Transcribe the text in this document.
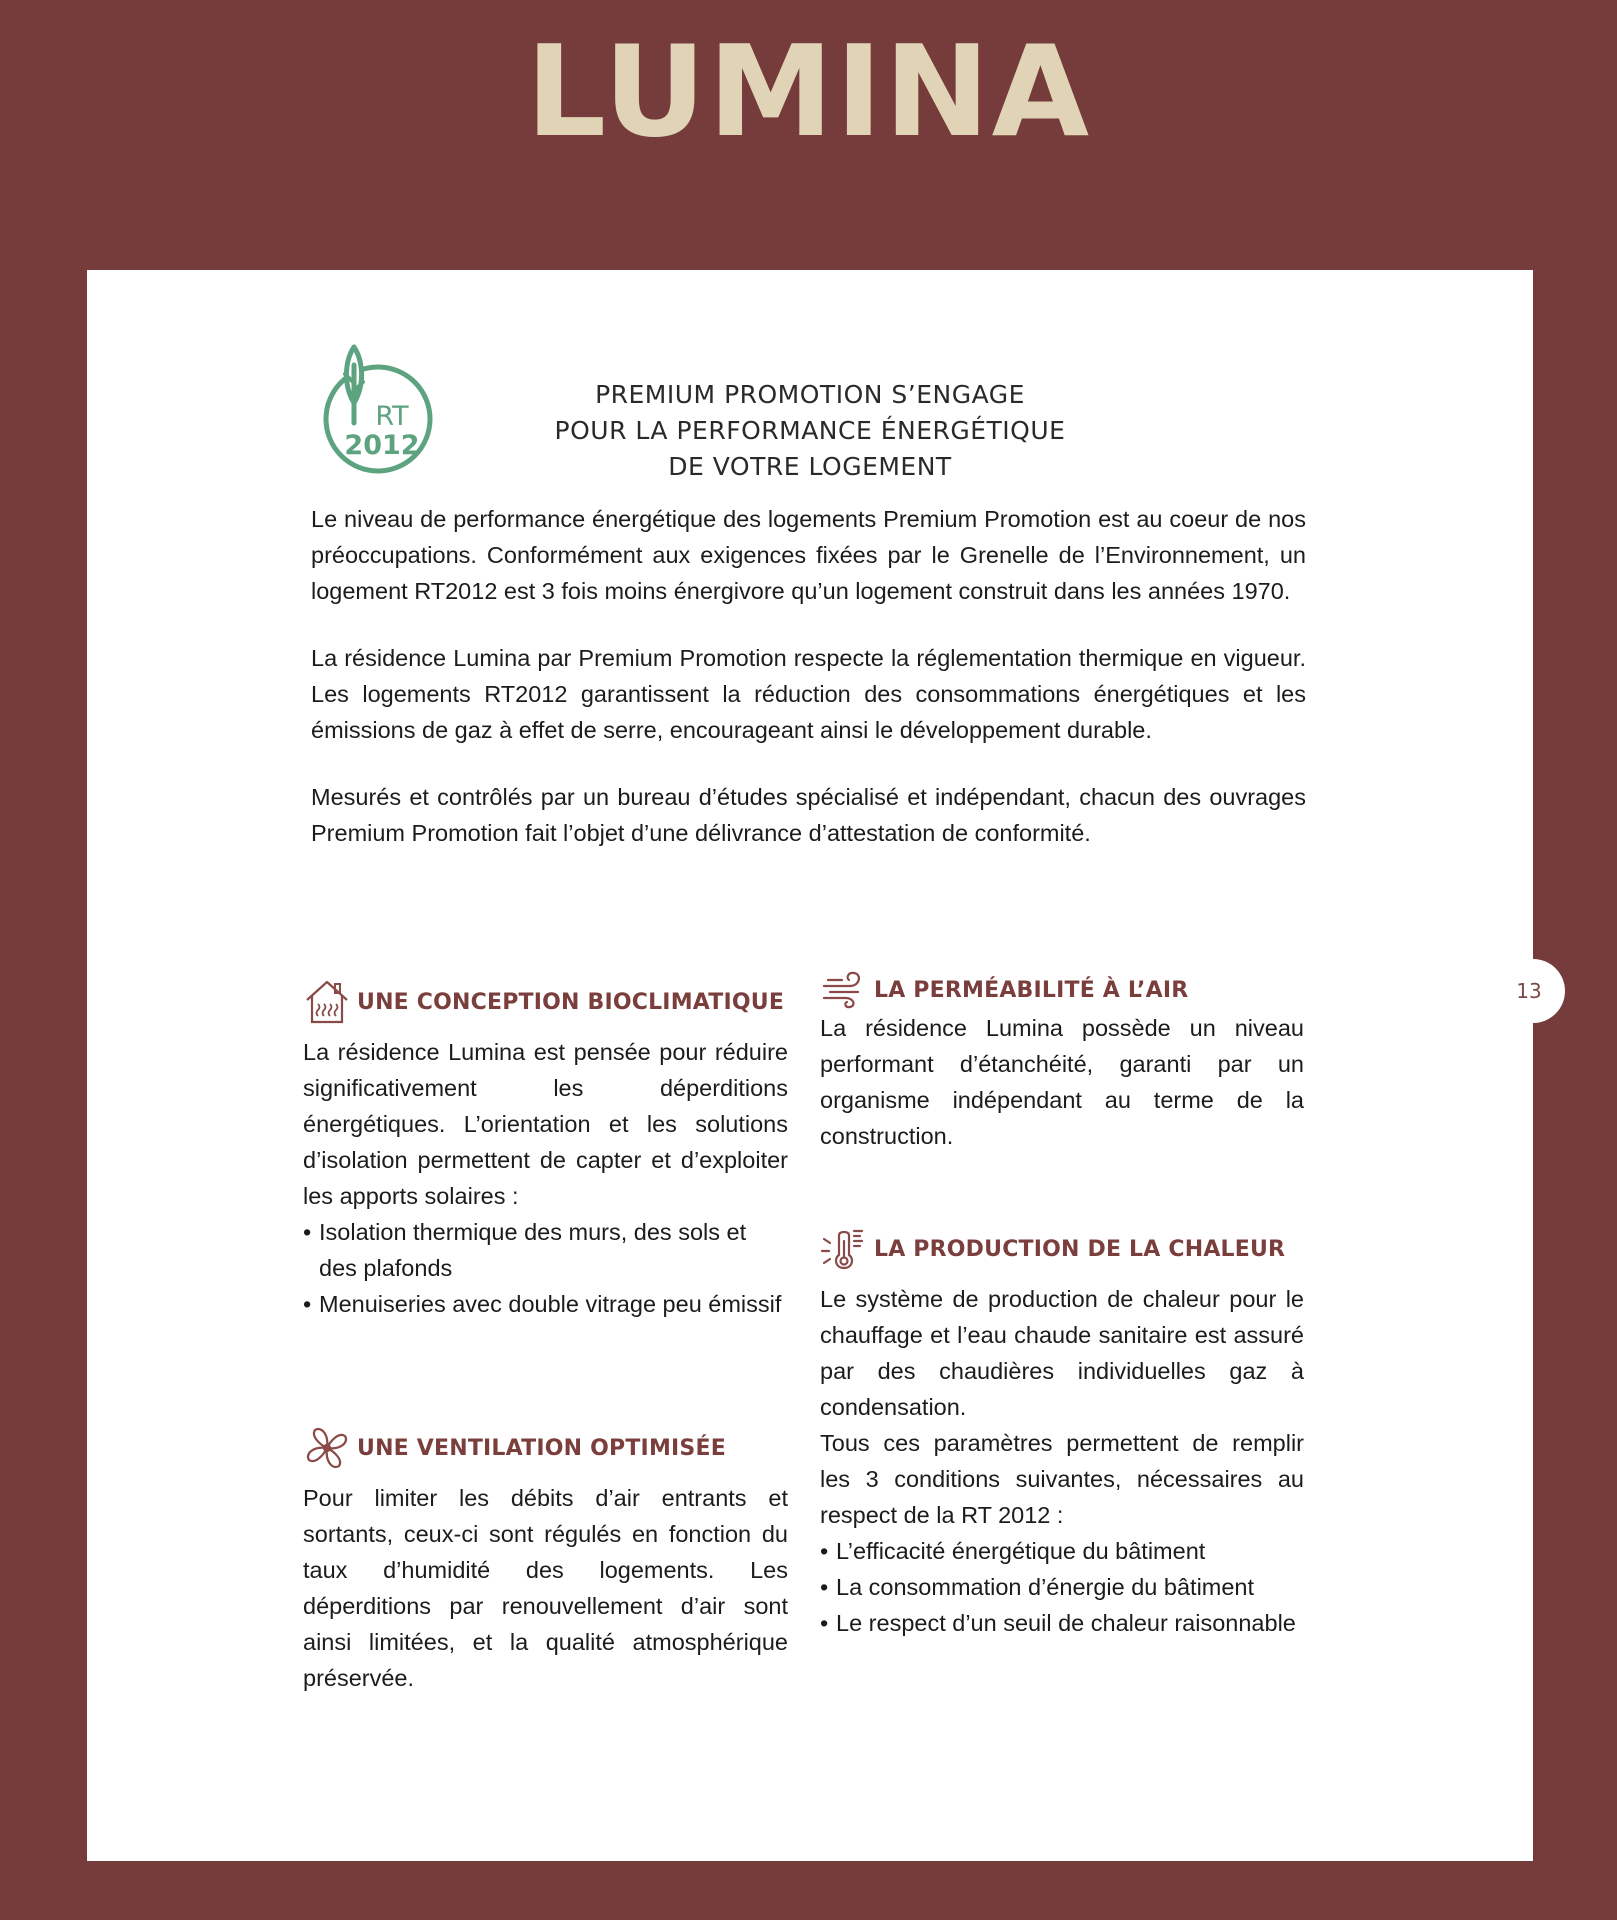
LUMINA
13
RT
2012
PREMIUM PROMOTION S’ENGAGE
POUR LA PERFORMANCE ÉNERGÉTIQUE
DE VOTRE LOGEMENT

Le niveau de performance énergétique des logements Premium Promotion est au coeur de nos préoccupations. Conformément aux exigences fixées par le Grenelle de l’Environnement, un logement RT2012 est 3 fois moins énergivore qu’un logement construit dans les années 1970.

La résidence Lumina par Premium Promotion respecte la réglementation thermique en vigueur. Les logements RT2012 garantissent la réduction des consommations énergétiques et les émissions de gaz à effet de serre, encourageant ainsi le développement durable.

Mesurés et contrôlés par un bureau d’études spécialisé et indépendant, chacun des ouvrages Premium Promotion fait l’objet d’une délivrance d’attestation de conformité.

UNE CONCEPTION BIOCLIMATIQUE
La résidence Lumina est pensée pour réduire significativement les déperditions énergétiques. L’orientation et les solutions d’isolation permettent de capter et d’exploiter les apports solaires :
• Isolation thermique des murs, des sols et des plafonds
• Menuiseries avec double vitrage peu émissif
UNE VENTILATION OPTIMISÉE
Pour limiter les débits d’air entrants et sortants, ceux-ci sont régulés en fonction du taux d’humidité des logements. Les déperditions par renouvellement d’air sont ainsi limitées, et la qualité atmosphérique préservée.
LA PERMÉABILITÉ À L’AIR
La résidence Lumina possède un niveau performant d’étanchéité, garanti par un organisme indépendant au terme de la construction.
LA PRODUCTION DE LA CHALEUR
Le système de production de chaleur pour le chauffage et l’eau chaude sanitaire est assuré par des chaudières individuelles gaz à condensation.
Tous ces paramètres permettent de remplir les 3 conditions suivantes, nécessaires au respect de la RT 2012 :
• L’efficacité énergétique du bâtiment
• La consommation d’énergie du bâtiment
• Le respect d’un seuil de chaleur raisonnable
